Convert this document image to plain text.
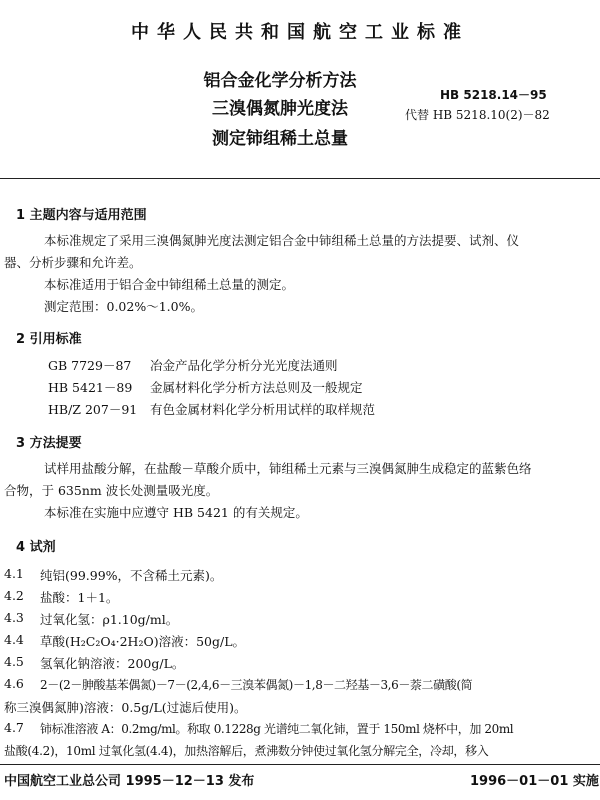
中华人民共和国航空工业标准
铝合金化学分析方法
三溴偶氮胂光度法
测定铈组稀土总量
HB 5218.14－95
代替 HB 5218.10(2)－82
1 主题内容与适用范围
本标准规定了采用三溴偶氮胂光度法测定铝合金中铈组稀土总量的方法提要、试剂、仪
器、分析步骤和允许差。
本标准适用于铝合金中铈组稀土总量的测定。
测定范围：0.02%～1.0%。
2 引用标准
GB 7729－87 冶金产品化学分析分光光度法通则
HB 5421－89 金属材料化学分析方法总则及一般规定
HB/Z 207－91 有色金属材料化学分析用试样的取样规范
3 方法提要
试样用盐酸分解，在盐酸－草酸介质中，铈组稀土元素与三溴偶氮胂生成稳定的蓝紫色络
合物，于 635nm 波长处测量吸光度。
本标准在实施中应遵守 HB 5421 的有关规定。
4 试剂
4.1 纯铝(99.99%，不含稀土元素)。
4.2 盐酸：1＋1。
4.3 过氧化氢：ρ1.10g/ml。
4.4 草酸(H₂C₂O₄·2H₂O)溶液：50g/L。
4.5 氢氧化钠溶液：200g/L。
4.6 2－(2－胂酸基苯偶氮)－7－(2,4,6－三溴苯偶氮)－1,8－二羟基－3,6－萘二磺酸(简
称三溴偶氮胂)溶液：0.5g/L(过滤后使用)。
4.7 铈标准溶液 A：0.2mg/ml。称取 0.1228g 光谱纯二氧化铈，置于 150ml 烧杯中，加 20ml
盐酸(4.2)，10ml 过氧化氢(4.4)，加热溶解后，煮沸数分钟使过氧化氢分解完全，冷却，移入
中国航空工业总公司 1995－12－13 发布	1996－01－01 实施
